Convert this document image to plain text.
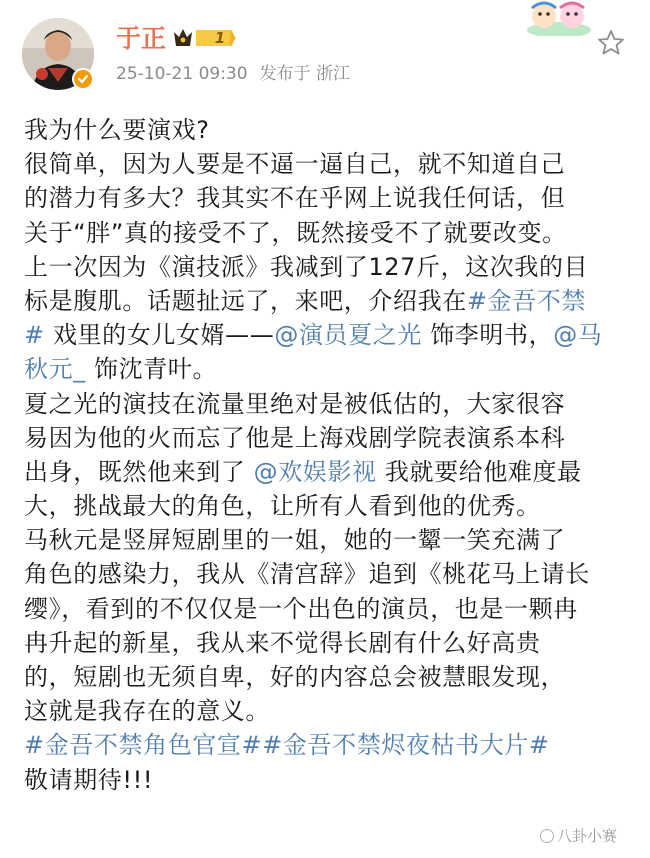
于正	1
25-10-21 09:30 发布于 浙江
我为什么要演戏?
很简单，因为人要是不逼一逼自己，就不知道自己
的潜力有多大？我其实不在乎网上说我任何话，但
关于“胖”真的接受不了，既然接受不了就要改变。
上一次因为《演技派》我减到了127斤，这次我的目
标是腹肌。话题扯远了，来吧，介绍我在#金吾不禁
# 戏里的女儿女婿——@演员夏之光 饰李明书，@马
秋元_ 饰沈青叶。
夏之光的演技在流量里绝对是被低估的，大家很容
易因为他的火而忘了他是上海戏剧学院表演系本科
出身，既然他来到了 @欢娱影视 我就要给他难度最
大，挑战最大的角色，让所有人看到他的优秀。
马秋元是竖屏短剧里的一姐，她的一颦一笑充满了
角色的感染力，我从《清宫辞》追到《桃花马上请长
缨》，看到的不仅仅是一个出色的演员，也是一颗冉
冉升起的新星，我从来不觉得长剧有什么好高贵
的，短剧也无须自卑，好的内容总会被慧眼发现，
这就是我存在的意义。
#金吾不禁角色官宣##金吾不禁烬夜枯书大片#
敬请期待!!!
八卦小赛
